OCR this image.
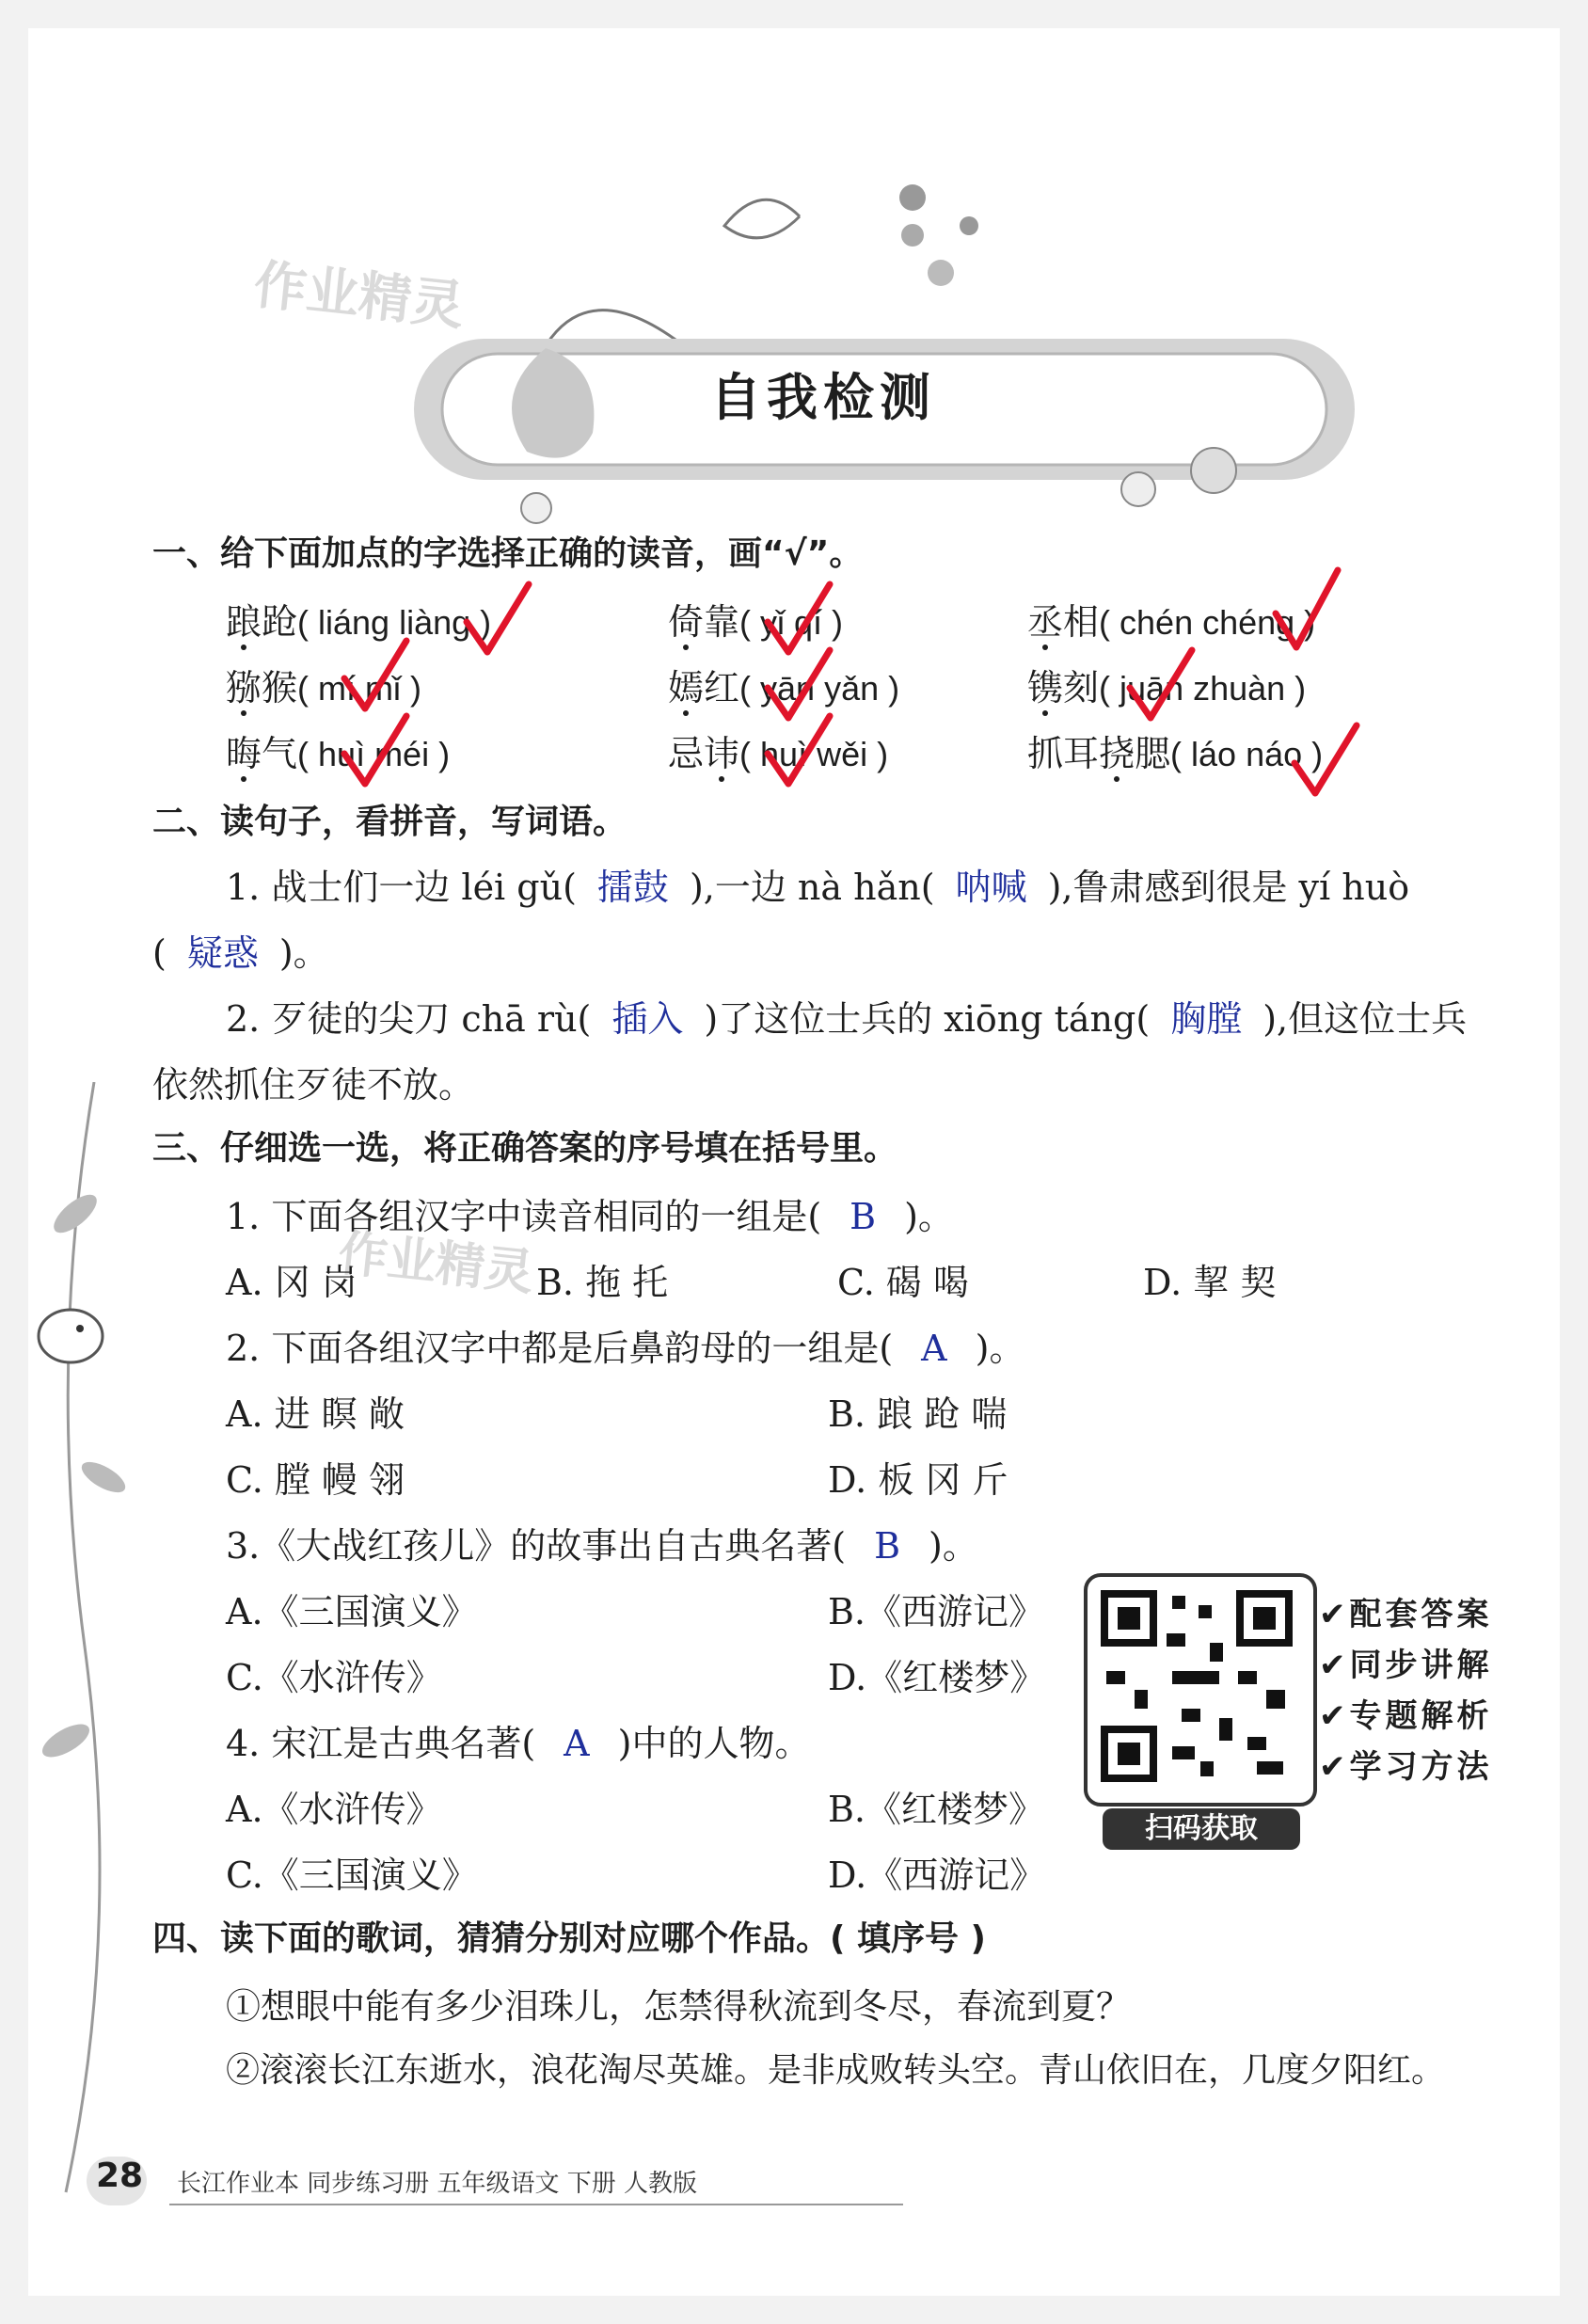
作业精灵
作业精灵
自我检测
一、给下面加点的字选择正确的读音，画“√”。
踉跄( liáng liàng )	倚靠( yǐ qí )	丞相( chén chéng )
猕猴( mí mǐ )	嫣红( yān yǎn )	镌刻( juān zhuàn )
晦气( huì méi )	忌讳( huì wěi )	抓耳挠腮( láo náo )
二、读句子，看拼音，写词语。
1. 战士们一边 léi gǔ( 擂鼓 ),一边 nà hǎn( 呐喊 ),鲁肃感到很是 yí huò
( 疑惑 )。
2. 歹徒的尖刀 chā rù( 插入 )了这位士兵的 xiōng táng( 胸膛 ),但这位士兵
依然抓住歹徒不放。
三、仔细选一选，将正确答案的序号填在括号里。
1. 下面各组汉字中读音相同的一组是( B )。
A. 冈 岗	B. 拖 托	C. 碣 喝	D. 挈 契
2. 下面各组汉字中都是后鼻韵母的一组是( A )。
A. 进 瞑 敞	B. 踉 跄 喘
C. 膛 幔 翎	D. 板 冈 斤
3.《大战红孩儿》的故事出自古典名著( B )。
A.《三国演义》	B.《西游记》
C.《水浒传》	D.《红楼梦》
4. 宋江是古典名著( A )中的人物。
A.《水浒传》	B.《红楼梦》
C.《三国演义》	D.《西游记》
扫码获取
✔配套答案
✔同步讲解
✔专题解析
✔学习方法
四、读下面的歌词，猜猜分别对应哪个作品。( 填序号 )
①想眼中能有多少泪珠儿，怎禁得秋流到冬尽，春流到夏？
②滚滚长江东逝水，浪花淘尽英雄。是非成败转头空。青山依旧在，几度夕阳红。
28 长江作业本 同步练习册 五年级语文 下册 人教版
